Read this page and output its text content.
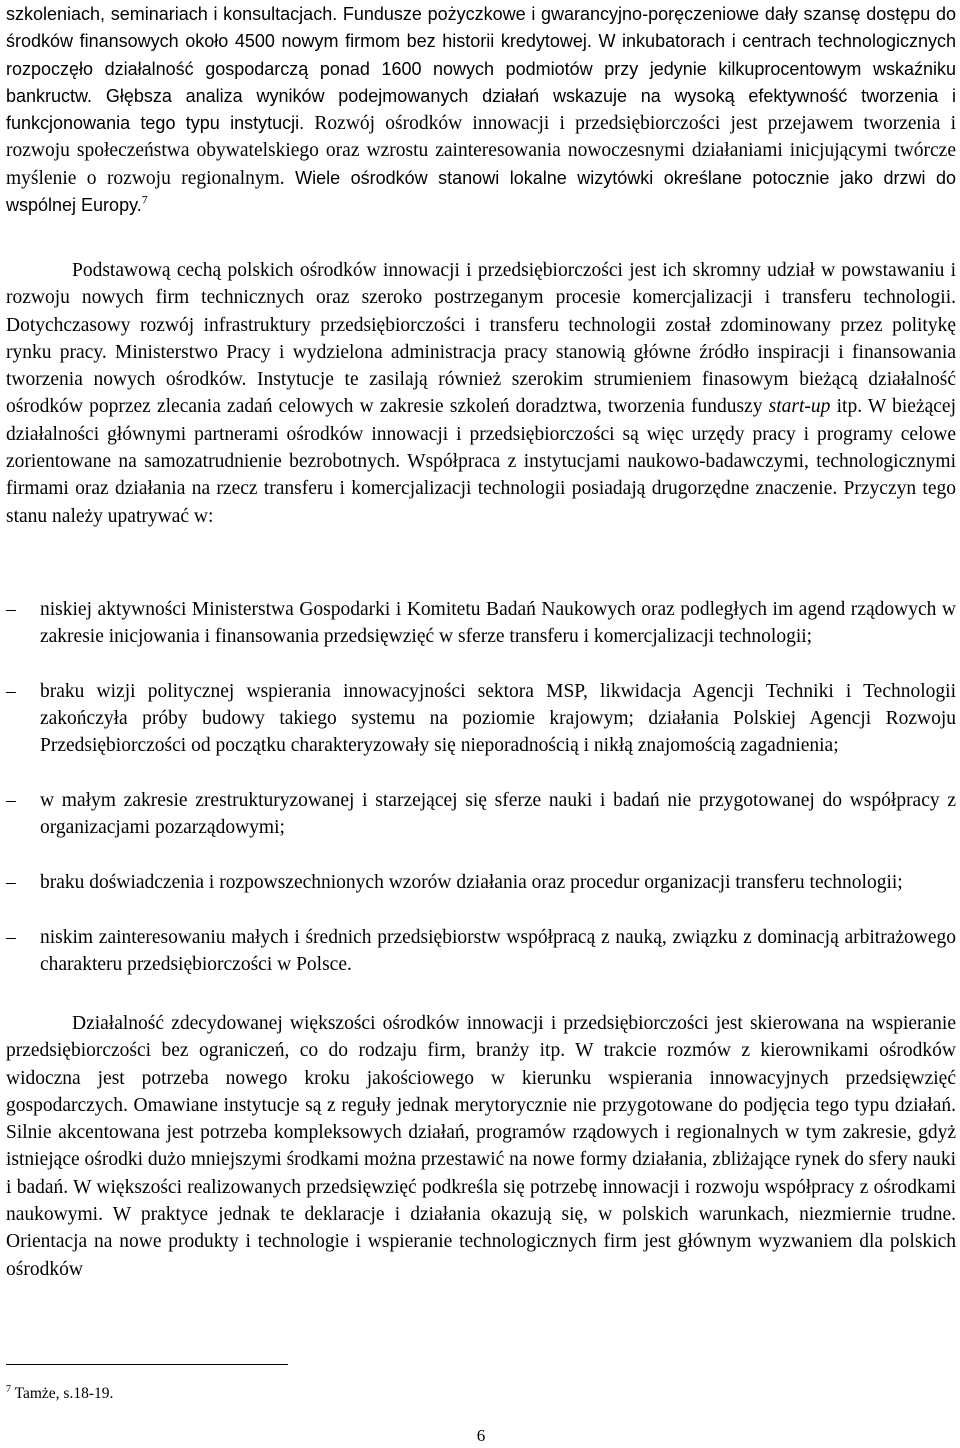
szkoleniach, seminariach i konsultacjach. Fundusze pożyczkowe i gwarancyjno-poręczeniowe dały szansę dostępu do środków finansowych około 4500 nowym firmom bez historii kredytowej. W inkubatorach i centrach technologicznych rozpoczęło działalność gospodarczą ponad 1600 nowych podmiotów przy jedynie kilkuprocentowym wskaźniku bankructw. Głębsza analiza wyników podejmowanych działań wskazuje na wysoką efektywność tworzenia i funkcjonowania tego typu instytucji. Rozwój ośrodków innowacji i przedsiębiorczości jest przejawem tworzenia i rozwoju społeczeństwa obywatelskiego oraz wzrostu zainteresowania nowoczesnymi działaniami inicjującymi twórcze myślenie o rozwoju regionalnym. Wiele ośrodków stanowi lokalne wizytówki określane potocznie jako drzwi do wspólnej Europy.$^7$

Podstawową cechą polskich ośrodków innowacji i przedsiębiorczości jest ich skromny udział w powstawaniu i rozwoju nowych firm technicznych oraz szeroko postrzeganym procesie komercjalizacji i transferu technologii. Dotychczasowy rozwój infrastruktury przedsiębiorczości i transferu technologii został zdominowany przez politykę rynku pracy. Ministerstwo Pracy i wydzielona administracja pracy stanowią główne źródło inspiracji i finansowania tworzenia nowych ośrodków. Instytucje te zasilają również szerokim strumieniem finasowym bieżącą działalność ośrodków poprzez zlecania zadań celowych w zakresie szkoleń doradztwa, tworzenia funduszy start-up itp. W bieżącej działalności głównymi partnerami ośrodków innowacji i przedsiębiorczości są więc urzędy pracy i programy celowe zorientowane na samozatrudnienie bezrobotnych. Współpraca z instytucjami naukowo-badawczymi, technologicznymi firmami oraz działania na rzecz transferu i komercjalizacji technologii posiadają drugorzędne znaczenie. Przyczyn tego stanu należy upatrywać w:

– niskiej aktywności Ministerstwa Gospodarki i Komitetu Badań Naukowych oraz podległych im agend rządowych w zakresie inicjowania i finansowania przedsięwzięć w sferze transferu i komercjalizacji technologii;
– braku wizji politycznej wspierania innowacyjności sektora MSP, likwidacja Agencji Techniki i Technologii zakończyła próby budowy takiego systemu na poziomie krajowym; działania Polskiej Agencji Rozwoju Przedsiębiorczości od początku charakteryzowały się nieporadnością i nikłą znajomością zagadnienia;
– w małym zakresie zrestrukturyzowanej i starzejącej się sferze nauki i badań nie przygotowanej do współpracy z organizacjami pozarządowymi;
– braku doświadczenia i rozpowszechnionych wzorów działania oraz procedur organizacji transferu technologii;
– niskim zainteresowaniu małych i średnich przedsiębiorstw współpracą z nauką, związku z dominacją arbitrażowego charakteru przedsiębiorczości w Polsce.

Działalność zdecydowanej większości ośrodków innowacji i przedsiębiorczości jest skierowana na wspieranie przedsiębiorczości bez ograniczeń, co do rodzaju firm, branży itp. W trakcie rozmów z kierownikami ośrodków widoczna jest potrzeba nowego kroku jakościowego w kierunku wspierania innowacyjnych przedsięwzięć gospodarczych. Omawiane instytucje są z reguły jednak merytorycznie nie przygotowane do podjęcia tego typu działań. Silnie akcentowana jest potrzeba kompleksowych działań, programów rządowych i regionalnych w tym zakresie, gdyż istniejące ośrodki dużo mniejszymi środkami można przestawić na nowe formy działania, zbliżające rynek do sfery nauki i badań. W większości realizowanych przedsięwzięć podkreśla się potrzebę innowacji i rozwoju współpracy z ośrodkami naukowymi. W praktyce jednak te deklaracje i działania okazują się, w polskich warunkach, niezmiernie trudne. Orientacja na nowe produkty i technologie i wspieranie technologicznych firm jest głównym wyzwaniem dla polskich ośrodków

$^7$ Tamże, s.18-19.
6
